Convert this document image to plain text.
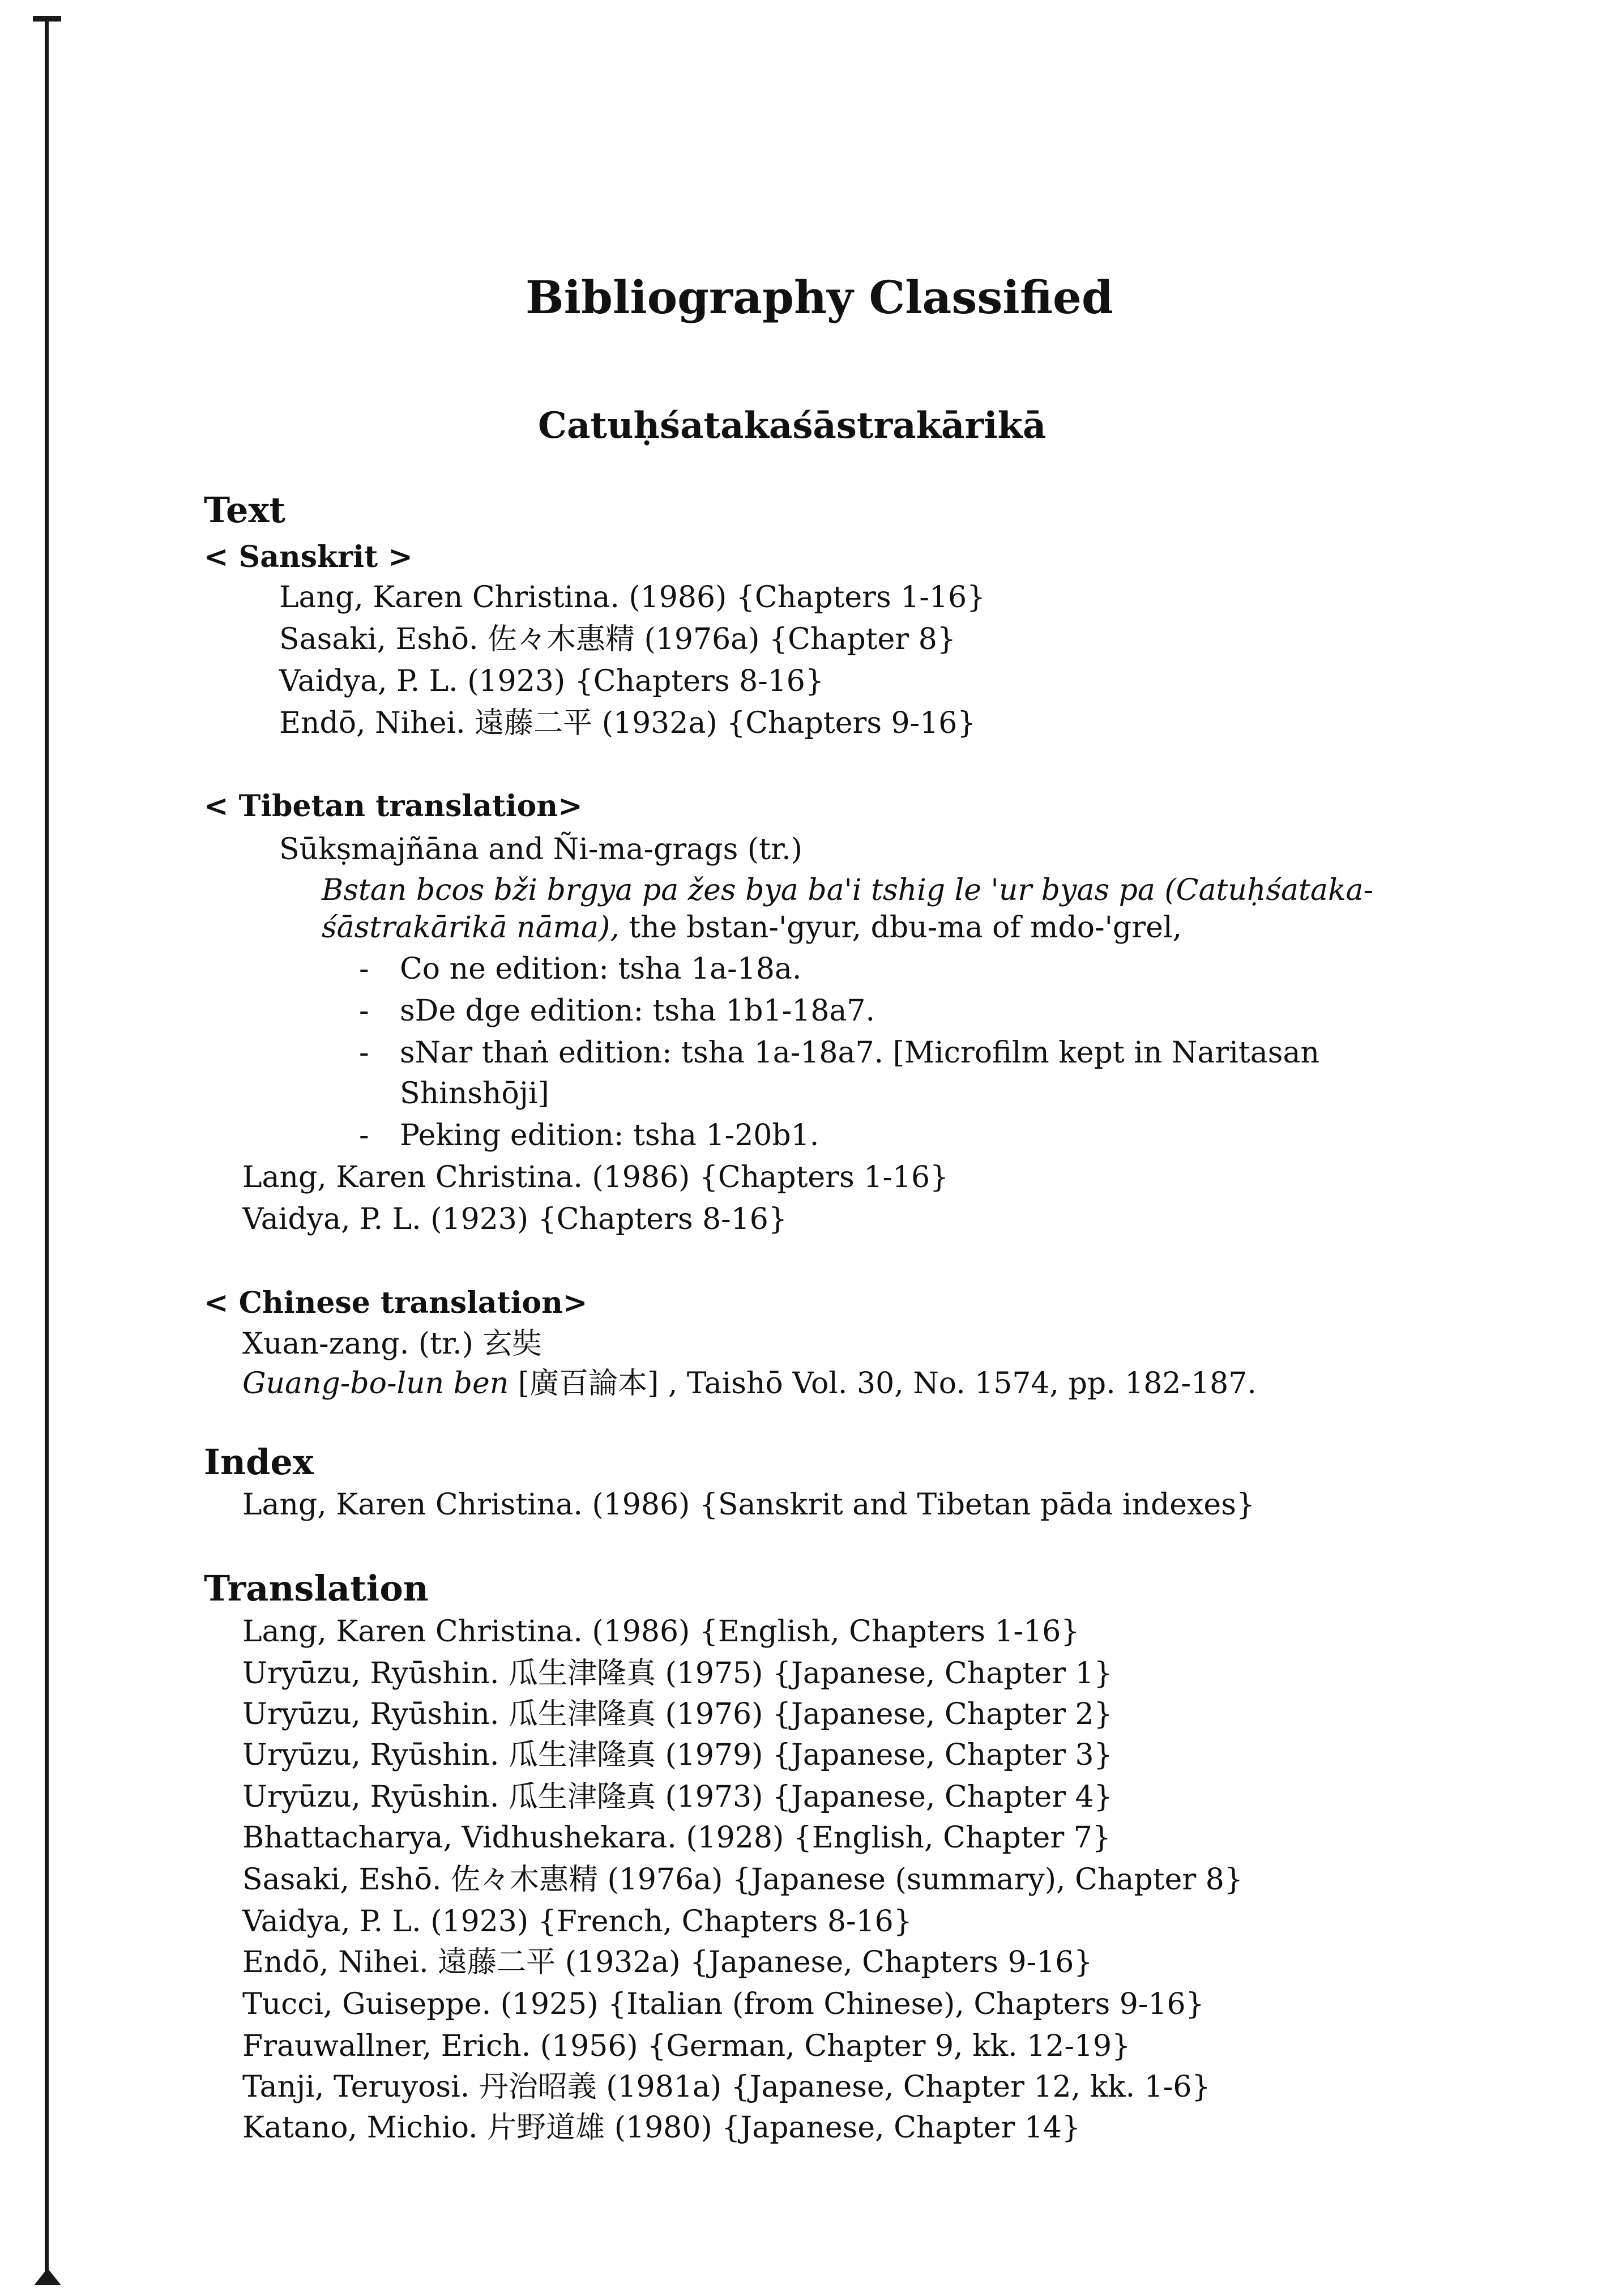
Bibliography Classified
Catuḥśatakaśāstrakārikā
Text
< Sanskrit >
Lang, Karen Christina. (1986) {Chapters 1-16}
Sasaki, Eshō. 佐々木惠精 (1976a) {Chapter 8}
Vaidya, P. L. (1923) {Chapters 8-16}
Endō, Nihei. 遠藤二平 (1932a) {Chapters 9-16}
< Tibetan translation>
Sūkṣmajñāna and Ñi-ma-grags (tr.)
Bstan bcos bži brgya pa žes bya ba'i tshig le 'ur byas pa (Catuḥśataka-
śāstrakārikā nāma), the bstan-'gyur, dbu-ma of mdo-'grel,
- Co ne edition: tsha 1a-18a.
- sDe dge edition: tsha 1b1-18a7.
- sNar thaṅ edition: tsha 1a-18a7. [Microfilm kept in Naritasan
Shinshōji]
- Peking edition: tsha 1-20b1.
Lang, Karen Christina. (1986) {Chapters 1-16}
Vaidya, P. L. (1923) {Chapters 8-16}
< Chinese translation>
Xuan-zang. (tr.) 玄奘
Guang-bo-lun ben [廣百論本] , Taishō Vol. 30, No. 1574, pp. 182-187.
Index
Lang, Karen Christina. (1986) {Sanskrit and Tibetan pāda indexes}
Translation
Lang, Karen Christina. (1986) {English, Chapters 1-16}
Uryūzu, Ryūshin. 瓜生津隆真 (1975) {Japanese, Chapter 1}
Uryūzu, Ryūshin. 瓜生津隆真 (1976) {Japanese, Chapter 2}
Uryūzu, Ryūshin. 瓜生津隆真 (1979) {Japanese, Chapter 3}
Uryūzu, Ryūshin. 瓜生津隆真 (1973) {Japanese, Chapter 4}
Bhattacharya, Vidhushekara. (1928) {English, Chapter 7}
Sasaki, Eshō. 佐々木惠精 (1976a) {Japanese (summary), Chapter 8}
Vaidya, P. L. (1923) {French, Chapters 8-16}
Endō, Nihei. 遠藤二平 (1932a) {Japanese, Chapters 9-16}
Tucci, Guiseppe. (1925) {Italian (from Chinese), Chapters 9-16}
Frauwallner, Erich. (1956) {German, Chapter 9, kk. 12-19}
Tanji, Teruyosi. 丹治昭義 (1981a) {Japanese, Chapter 12, kk. 1-6}
Katano, Michio. 片野道雄 (1980) {Japanese, Chapter 14}
